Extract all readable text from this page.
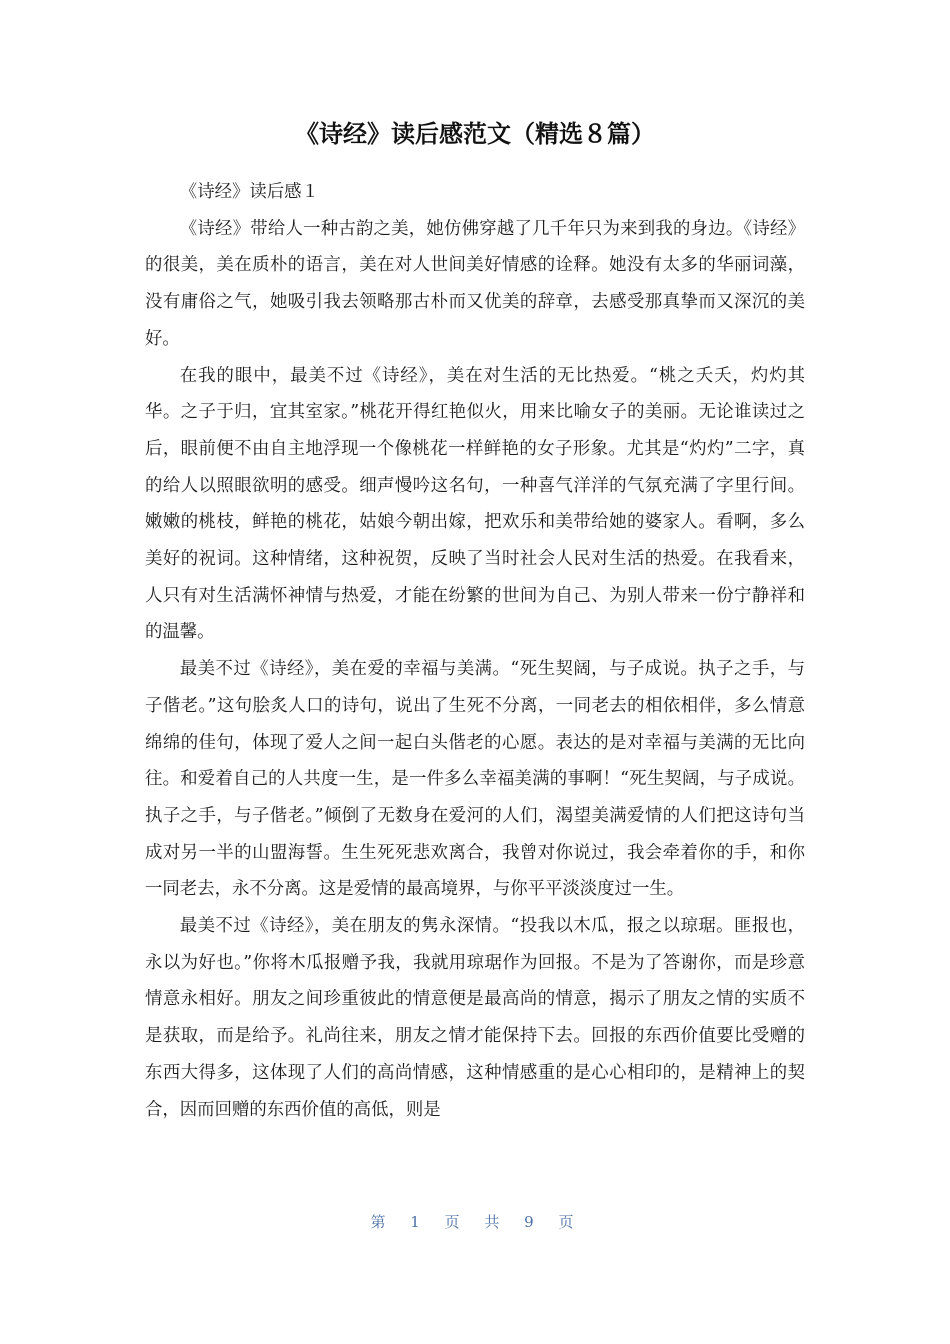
《诗经》读后感范文（精选８篇）

《诗经》读后感１

《诗经》带给人一种古韵之美，她仿佛穿越了几千年只为来到我的身边。《诗经》的很美，美在质朴的语言，美在对人世间美好情感的诠释。她没有太多的华丽词藻，没有庸俗之气，她吸引我去领略那古朴而又优美的辞章，去感受那真挚而又深沉的美好。

在我的眼中，最美不过《诗经》，美在对生活的无比热爱。“桃之夭夭，灼灼其华。之子于归，宜其室家。”桃花开得红艳似火，用来比喻女子的美丽。无论谁读过之后，眼前便不由自主地浮现一个像桃花一样鲜艳的女子形象。尤其是“灼灼”二字，真的给人以照眼欲明的感受。细声慢吟这名句，一种喜气洋洋的气氛充满了字里行间。嫩嫩的桃枝，鲜艳的桃花，姑娘今朝出嫁，把欢乐和美带给她的婆家人。看啊，多么美好的祝词。这种情绪，这种祝贺，反映了当时社会人民对生活的热爱。在我看来，人只有对生活满怀神情与热爱，才能在纷繁的世间为自己、为别人带来一份宁静祥和的温馨。

最美不过《诗经》，美在爱的幸福与美满。“死生契阔，与子成说。执子之手，与子偕老。”这句脍炙人口的诗句，说出了生死不分离，一同老去的相依相伴，多么情意绵绵的佳句，体现了爱人之间一起白头偕老的心愿。表达的是对幸福与美满的无比向往。和爱着自己的人共度一生，是一件多么幸福美满的事啊！“死生契阔，与子成说。执子之手，与子偕老。”倾倒了无数身在爱河的人们，渴望美满爱情的人们把这诗句当成对另一半的山盟海誓。生生死死悲欢离合，我曾对你说过，我会牵着你的手，和你一同老去，永不分离。这是爱情的最高境界，与你平平淡淡度过一生。

最美不过《诗经》，美在朋友的隽永深情。“投我以木瓜，报之以琼琚。匪报也，永以为好也。”你将木瓜报赠予我，我就用琼琚作为回报。不是为了答谢你，而是珍意情意永相好。朋友之间珍重彼此的情意便是最高尚的情意，揭示了朋友之情的实质不是获取，而是给予。礼尚往来，朋友之情才能保持下去。回报的东西价值要比受赠的东西大得多，这体现了人们的高尚情感，这种情感重的是心心相印的，是精神上的契合，因而回赠的东西价值的高低，则是

第 1 页 共 9 页
